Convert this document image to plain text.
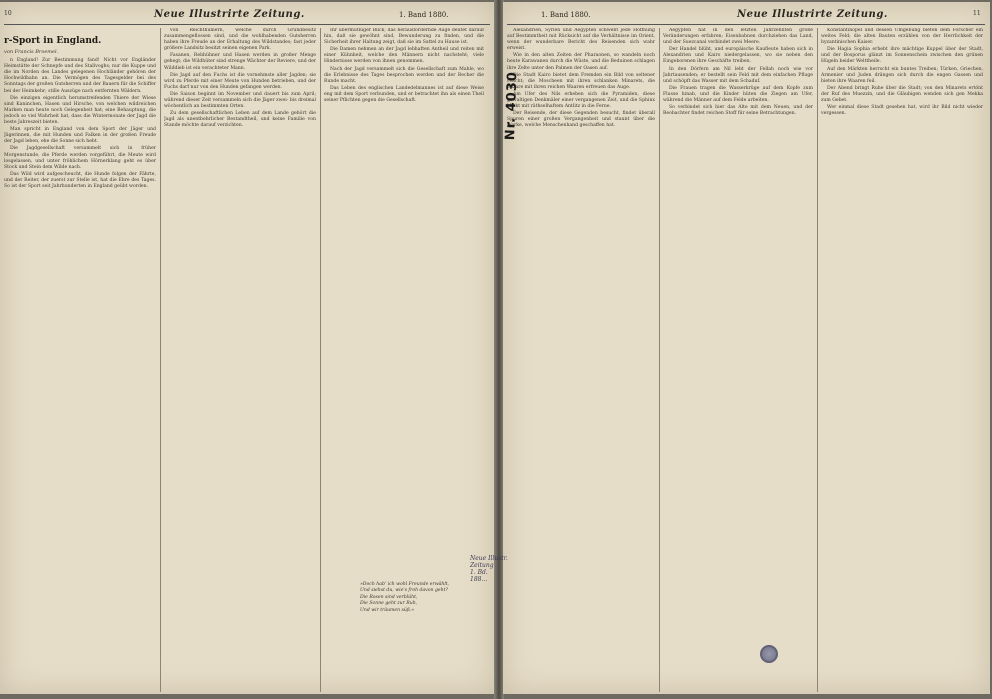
10	Neue Illustrirte Zeitung.	1. Band 1880.
r-Sport in England.
von Francis Broemel.

n England! Zur Bestimmung fand! Nicht vor Engländer Heimstätte der Schnepfe und des Stallvoghs; nur die Kuppe und die im Norden des Landes gelegenen Hochländer gehören der Hochwildbahn an. Die Vermögen des Tagesgelder bei des Sonntags der großen Gutsherren und der Bauern für die Schiffer bei der Heimkehr; stille Auszüge nach entfernten Wäldern.

Die einzigen eigentlich herumstreifenden Thiere der Wiese sind Kaninchen, Hasen und Hirsche, von welchen wildreichen Marken man heute noch Gelegenheit hat; eine Behauptung, die jedoch so viel Wahrheit hat, dass die Wintermonate der Jagd die beste Jahreszeit bieten.

Man spricht in England von dem Sport der Jäger und Jägerinnen, die mit Hunden und Falken in der großen Freude der Jagd leben, ehe die Sonne sich hebt.

Die Jagdgesellschaft versammelt sich in früher Morgenstunde, die Pferde werden vorgeführt, die Meute wird losgelassen, und unter fröhlichem Hörnerklang geht es über Stock und Stein dem Wilde nach.

Das Wild wird aufgescheucht, die Hunde folgen der Fährte, und der Reiter, der zuerst zur Stelle ist, hat die Ehre des Tages. So ist der Sport seit Jahrhunderten in England geübt worden.

von Reichthümern, welche durch Grundbesitz zusammengeflossen sind, und die wohlhabenden Gutsherren haben ihre Freude an der Erhaltung des Wildstandes; fast jeder größere Landsitz besitzt seinen eigenen Park.

Fasanen, Rebhühner und Hasen werden in großer Menge gehegt; die Wildhüter sind strenge Wächter der Reviere, und der Wilddieb ist ein verachteter Mann.

Die Jagd auf den Fuchs ist die vornehmste aller Jagden; sie wird zu Pferde mit einer Meute von Hunden betrieben, und der Fuchs darf nur von den Hunden gefangen werden.

Die Saison beginnt im November und dauert bis zum April; während dieser Zeit versammeln sich die Jäger zwei- bis dreimal wöchentlich an bestimmten Orten.

Zu dem gesellschaftlichen Leben auf dem Lande gehört die Jagd als unentbehrlicher Bestandtheil, und keine Familie von Stande möchte darauf verzichten.

Ihr übermüthiger Blick, das herausfordernde Auge deutet darauf hin, daß sie gewöhnt sind, Bewunderung zu finden, und die Sicherheit ihrer Haltung zeigt, daß sie im Sattel zu Hause ist.

Die Damen nehmen an der Jagd lebhaften Antheil und reiten mit einer Kühnheit, welche den Männern nicht nachsteht; viele Hindernisse werden von ihnen genommen.

Nach der Jagd versammelt sich die Gesellschaft zum Mahle, wo die Erlebnisse des Tages besprochen werden und der Becher die Runde macht.

Das Leben des englischen Landedelmannes ist auf diese Weise eng mit dem Sport verbunden, und er betrachtet ihn als einen Theil seiner Pflichten gegen die Gesellschaft.

»Doch hab' ich wohl Freunde erwählt,
Und siehst du, wie's froh davon geht?
Die Rosen sind verblüht,
Die Sonne geht zur Ruh,
Und wir träumen süß.«
1. Band 1880.	Neue Illustrirte Zeitung.	11

Alexandrien, Syrien und Aegypten schwebt jede Hoffnung auf Bestimmtheit mit Rücksicht auf die Verhältnisse im Orient, wenn der wunderbare Bericht des Reisenden sich wahr erweist.

Wie in den alten Zeiten der Pharaonen, so wandeln noch heute Karawanen durch die Wüste, und die Beduinen schlagen ihre Zelte unter den Palmen der Oasen auf.

Die Stadt Kairo bietet dem Fremden ein Bild von seltener Pracht; die Moscheen mit ihren schlanken Minarets, die Bazare mit ihren reichen Waaren erfreuen das Auge.

Am Ufer des Nils erheben sich die Pyramiden, diese gewaltigen Denkmäler einer vergangenen Zeit, und die Sphinx blickt mit räthselhaftem Antlitz in die Ferne.

Der Reisende, der diese Gegenden besucht, findet überall Spuren einer großen Vergangenheit und staunt über die Werke, welche Menschenhand geschaffen hat.

Aegypten hat in den letzten Jahrzehnten große Veränderungen erfahren; Eisenbahnen durchziehen das Land, und der Suezcanal verbindet zwei Meere.

Der Handel blüht, und europäische Kaufleute haben sich in Alexandrien und Kairo niedergelassen, wo sie neben den Eingeborenen ihre Geschäfte treiben.

In den Dörfern am Nil lebt der Fellah noch wie vor Jahrtausenden; er bestellt sein Feld mit dem einfachen Pfluge und schöpft das Wasser mit dem Schaduf.

Die Frauen tragen die Wasserkrüge auf dem Kopfe zum Flusse hinab, und die Kinder hüten die Ziegen am Ufer, während die Männer auf dem Felde arbeiten.

So verbindet sich hier das Alte mit dem Neuen, und der Beobachter findet reichen Stoff für seine Betrachtungen.

Konstantinopel und dessen Umgebung bieten dem Forscher ein weites Feld; die alten Bauten erzählen von der Herrlichkeit der byzantinischen Kaiser.

Die Hagia Sophia erhebt ihre mächtige Kuppel über der Stadt, und der Bosporus glänzt im Sonnenschein zwischen den grünen Hügeln beider Welttheile.

Auf den Märkten herrscht ein buntes Treiben; Türken, Griechen, Armenier und Juden drängen sich durch die engen Gassen und bieten ihre Waaren feil.

Der Abend bringt Ruhe über die Stadt; von den Minarets ertönt der Ruf des Muezzin, und die Gläubigen wenden sich gen Mekka zum Gebet.

Wer einmal diese Stadt gesehen hat, wird ihr Bild nicht wieder vergessen.

Nr. 4030
Neue Illustr.
Zeitung
1. Bd.
188...
